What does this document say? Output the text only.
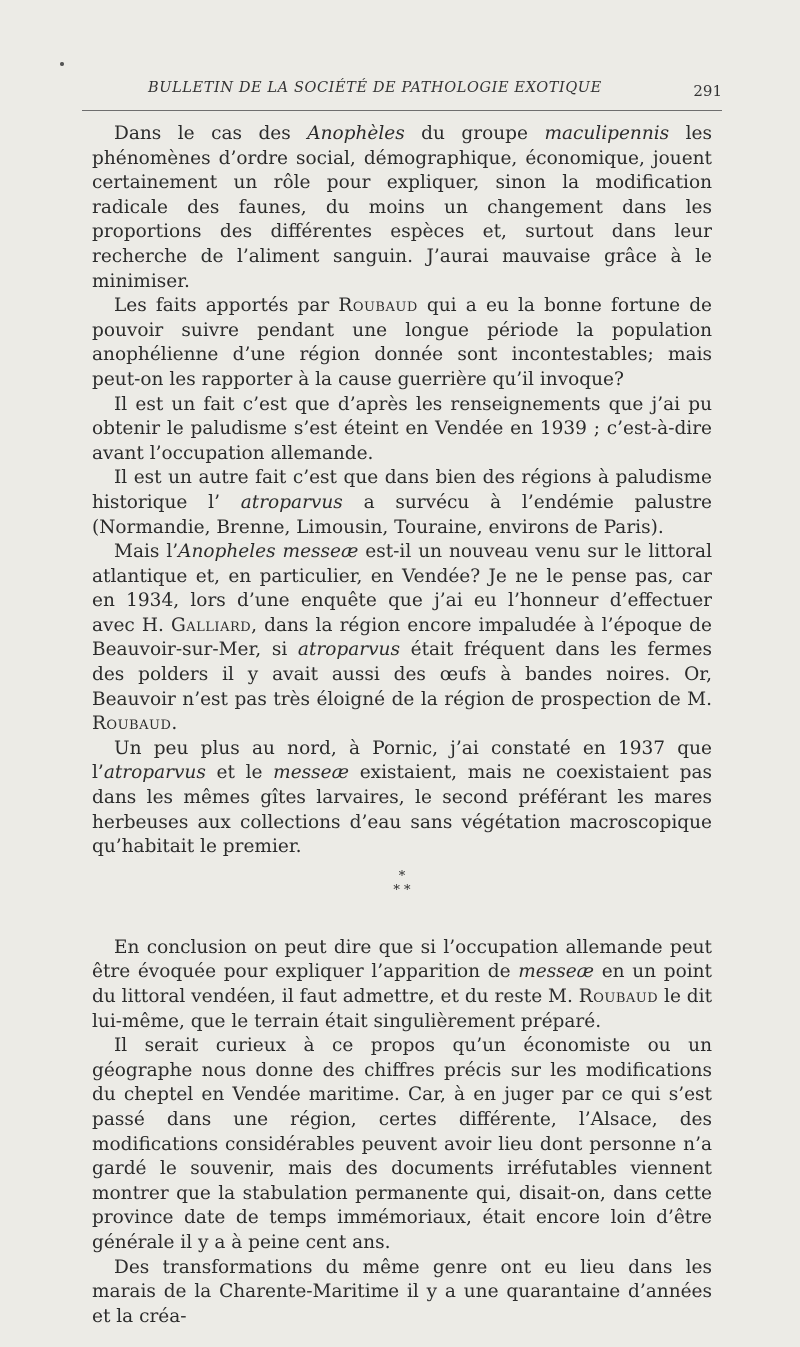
BULLETIN DE LA SOCIÉTÉ DE PATHOLOGIE EXOTIQUE	291

Dans le cas des Anophèles du groupe maculipennis les phénomènes d’ordre social, démographique, économique, jouent certainement un rôle pour expliquer, sinon la modification radicale des faunes, du moins un changement dans les proportions des différentes espèces et, surtout dans leur recherche de l’aliment sanguin. J’aurai mauvaise grâce à le minimiser.

Les faits apportés par Roubaud qui a eu la bonne fortune de pouvoir suivre pendant une longue période la population anophélienne d’une région donnée sont incontestables; mais peut-on les rapporter à la cause guerrière qu’il invoque?

Il est un fait c’est que d’après les renseignements que j’ai pu obtenir le paludisme s’est éteint en Vendée en 1939 ; c’est-à-dire avant l’occupation allemande.

Il est un autre fait c’est que dans bien des régions à paludisme historique l’ atroparvus a survécu à l’endémie palustre (Normandie, Brenne, Limousin, Touraine, environs de Paris).

Mais l’Anopheles messeæ est-il un nouveau venu sur le littoral atlantique et, en particulier, en Vendée? Je ne le pense pas, car en 1934, lors d’une enquête que j’ai eu l’honneur d’effectuer avec H. Galliard, dans la région encore impaludée à l’époque de Beauvoir-sur-Mer, si atroparvus était fréquent dans les fermes des polders il y avait aussi des œufs à bandes noires. Or, Beauvoir n’est pas très éloigné de la région de prospection de M. Roubaud.

Un peu plus au nord, à Pornic, j’ai constaté en 1937 que l’atroparvus et le messeæ existaient, mais ne coexistaient pas dans les mêmes gîtes larvaires, le second préférant les mares herbeuses aux collections d’eau sans végétation macroscopique qu’habitait le premier.

*
* *

En conclusion on peut dire que si l’occupation allemande peut être évoquée pour expliquer l’apparition de messeæ en un point du littoral vendéen, il faut admettre, et du reste M. Roubaud le dit lui-même, que le terrain était singulièrement préparé.

Il serait curieux à ce propos qu’un économiste ou un géographe nous donne des chiffres précis sur les modifications du cheptel en Vendée maritime. Car, à en juger par ce qui s’est passé dans une région, certes différente, l’Alsace, des modifications considérables peuvent avoir lieu dont personne n’a gardé le souvenir, mais des documents irréfutables viennent montrer que la stabulation permanente qui, disait-on, dans cette province date de temps immémoriaux, était encore loin d’être générale il y a à peine cent ans.

Des transformations du même genre ont eu lieu dans les marais de la Charente-Maritime il y a une quarantaine d’années et la créa-
